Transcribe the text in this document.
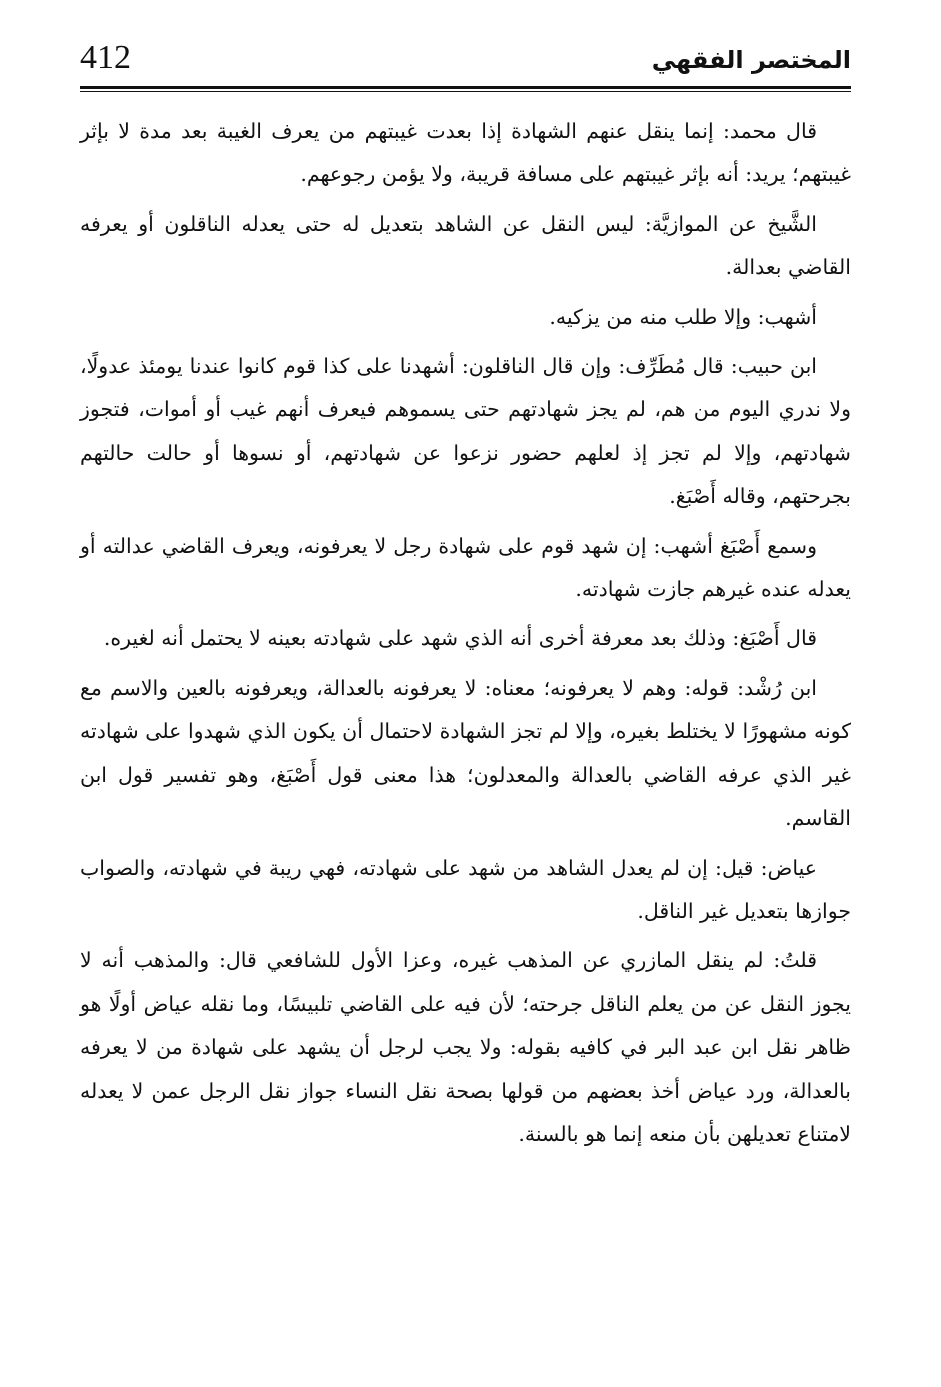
412	المختصر الفقهي

قال محمد: إنما ينقل عنهم الشهادة إذا بعدت غيبتهم من يعرف الغيبة بعد مدة لا بإثر غيبتهم؛ يريد: أنه بإثر غيبتهم على مسافة قريبة، ولا يؤمن رجوعهم.

الشَّيخ عن الموازيَّة: ليس النقل عن الشاهد بتعديل له حتى يعدله الناقلون أو يعرفه القاضي بعدالة.

أشهب: وإلا طلب منه من يزكيه.

ابن حبيب: قال مُطَرِّف: وإن قال الناقلون: أشهدنا على كذا قوم كانوا عندنا يومئذ عدولًا، ولا ندري اليوم من هم، لم يجز شهادتهم حتى يسموهم فيعرف أنهم غيب أو أموات، فتجوز شهادتهم، وإلا لم تجز إذ لعلهم حضور نزعوا عن شهادتهم، أو نسوها أو حالت حالتهم بجرحتهم، وقاله أَصْبَغ.

وسمع أَصْبَغ أشهب: إن شهد قوم على شهادة رجل لا يعرفونه، ويعرف القاضي عدالته أو يعدله عنده غيرهم جازت شهادته.

قال أَصْبَغ: وذلك بعد معرفة أخرى أنه الذي شهد على شهادته بعينه لا يحتمل أنه لغيره.

ابن رُشْد: قوله: وهم لا يعرفونه؛ معناه: لا يعرفونه بالعدالة، ويعرفونه بالعين والاسم مع كونه مشهورًا لا يختلط بغيره، وإلا لم تجز الشهادة لاحتمال أن يكون الذي شهدوا على شهادته غير الذي عرفه القاضي بالعدالة والمعدلون؛ هذا معنى قول أَصْبَغ، وهو تفسير قول ابن القاسم.

عياض: قيل: إن لم يعدل الشاهد من شهد على شهادته، فهي ريبة في شهادته، والصواب جوازها بتعديل غير الناقل.

قلتُ: لم ينقل المازري عن المذهب غيره، وعزا الأول للشافعي قال: والمذهب أنه لا يجوز النقل عن من يعلم الناقل جرحته؛ لأن فيه على القاضي تلبيسًا، وما نقله عياض أولًا هو ظاهر نقل ابن عبد البر في كافيه بقوله: ولا يجب لرجل أن يشهد على شهادة من لا يعرفه بالعدالة، ورد عياض أخذ بعضهم من قولها بصحة نقل النساء جواز نقل الرجل عمن لا يعدله لامتناع تعديلهن بأن منعه إنما هو بالسنة.
